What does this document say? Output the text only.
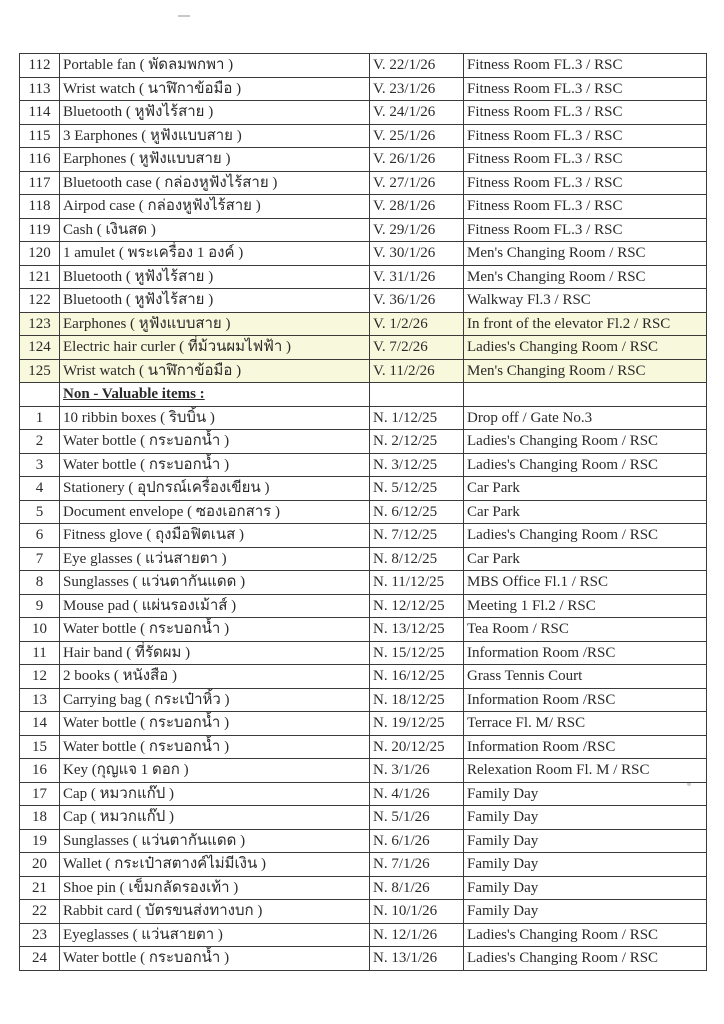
112	Portable fan ( พัดลมพกพา )	V. 22/1/26	Fitness Room FL.3 / RSC
113	Wrist watch ( นาฬิกาข้อมือ )	V. 23/1/26	Fitness Room FL.3 / RSC
114	Bluetooth ( หูฟังไร้สาย )	V. 24/1/26	Fitness Room FL.3 / RSC
115	3 Earphones ( หูฟังแบบสาย )	V. 25/1/26	Fitness Room FL.3 / RSC
116	Earphones ( หูฟังแบบสาย )	V. 26/1/26	Fitness Room FL.3 / RSC
117	Bluetooth case ( กล่องหูฟังไร้สาย )	V. 27/1/26	Fitness Room FL.3 / RSC
118	Airpod case ( กล่องหูฟังไร้สาย )	V. 28/1/26	Fitness Room FL.3 / RSC
119	Cash ( เงินสด )	V. 29/1/26	Fitness Room FL.3 / RSC
120	1 amulet ( พระเครื่อง 1 องค์ )	V. 30/1/26	Men's Changing Room / RSC
121	Bluetooth ( หูฟังไร้สาย )	V. 31/1/26	Men's Changing Room / RSC
122	Bluetooth ( หูฟังไร้สาย )	V. 36/1/26	Walkway Fl.3 / RSC
123	Earphones ( หูฟังแบบสาย )	V. 1/2/26	In front of the elevator Fl.2 / RSC
124	Electric hair curler ( ที่ม้วนผมไฟฟ้า )	V. 7/2/26	Ladies's Changing Room / RSC
125	Wrist watch ( นาฬิกาข้อมือ )	V. 11/2/26	Men's Changing Room / RSC
	Non - Valuable items :		
1	10 ribbin boxes ( ริบบิ้น )	N. 1/12/25	Drop off / Gate No.3
2	Water bottle ( กระบอกน้ำ )	N. 2/12/25	Ladies's Changing Room / RSC
3	Water bottle ( กระบอกน้ำ )	N. 3/12/25	Ladies's Changing Room / RSC
4	Stationery ( อุปกรณ์เครื่องเขียน )	N. 5/12/25	Car Park
5	Document envelope ( ซองเอกสาร )	N. 6/12/25	Car Park
6	Fitness glove ( ถุงมือฟิตเนส )	N. 7/12/25	Ladies's Changing Room / RSC
7	Eye glasses ( แว่นสายตา )	N. 8/12/25	Car Park
8	Sunglasses ( แว่นตากันแดด )	N. 11/12/25	MBS Office Fl.1 / RSC
9	Mouse pad ( แผ่นรองเม้าส์ )	N. 12/12/25	Meeting 1 Fl.2 / RSC
10	Water bottle ( กระบอกน้ำ )	N. 13/12/25	Tea Room / RSC
11	Hair band ( ที่รัดผม )	N. 15/12/25	Information Room /RSC
12	2 books ( หนังสือ )	N. 16/12/25	Grass Tennis Court
13	Carrying bag ( กระเป๋าหิ้ว )	N. 18/12/25	Information Room /RSC
14	Water bottle ( กระบอกน้ำ )	N. 19/12/25	Terrace Fl. M/ RSC
15	Water bottle ( กระบอกน้ำ )	N. 20/12/25	Information Room /RSC
16	Key (กุญแจ 1 ดอก )	N. 3/1/26	Relexation Room Fl. M / RSC
17	Cap ( หมวกแก๊ป )	N. 4/1/26	Family Day
18	Cap ( หมวกแก๊ป )	N. 5/1/26	Family Day
19	Sunglasses ( แว่นตากันแดด )	N. 6/1/26	Family Day
20	Wallet ( กระเป๋าสตางค์ไม่มีเงิน )	N. 7/1/26	Family Day
21	Shoe pin ( เข็มกลัดรองเท้า )	N. 8/1/26	Family Day
22	Rabbit card ( บัตรขนส่งทางบก )	N. 10/1/26	Family Day
23	Eyeglasses ( แว่นสายตา )	N. 12/1/26	Ladies's Changing Room / RSC
24	Water bottle ( กระบอกน้ำ )	N. 13/1/26	Ladies's Changing Room / RSC
